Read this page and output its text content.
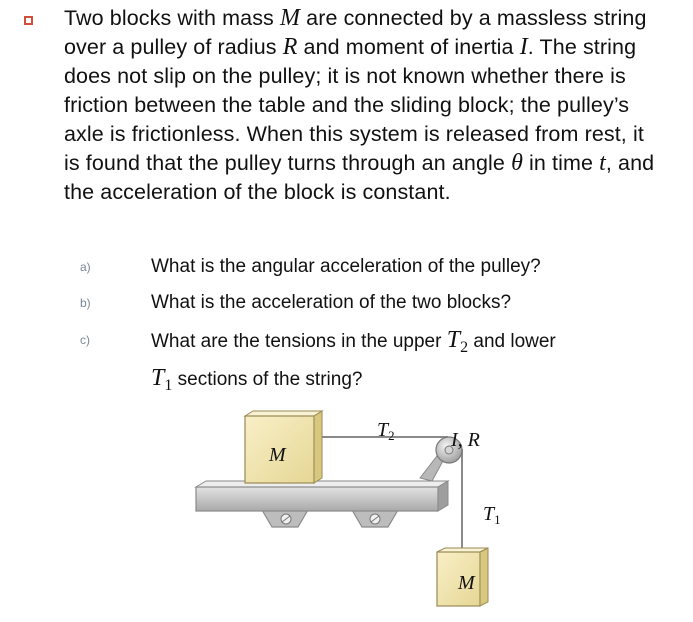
Two blocks with mass M are connected by a massless string over a pulley of radius R and moment of inertia I. The string does not slip on the pulley; it is not known whether there is friction between the table and the sliding block; the pulley’s axle is frictionless. When this system is released from rest, it is found that the pulley turns through an angle θ in time t, and the acceleration of the block is constant.
a)	What is the angular acceleration of the pulley?
b)	What is the acceleration of the two blocks?
c)	What are the tensions in the upper $T_2$ and lower
$T_1$ sections of the string?
M
M
$T_2$	I, R
$T_1$
